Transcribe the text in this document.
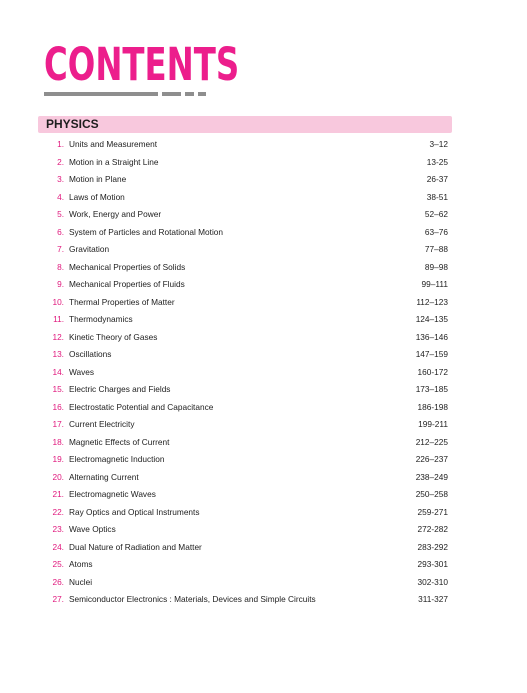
CONTENTS
PHYSICS
1. Units and Measurement	3–12
2. Motion in a Straight Line	13-25
3. Motion in Plane	26-37
4. Laws of Motion	38-51
5. Work, Energy and Power	52–62
6. System of Particles and Rotational Motion	63–76
7. Gravitation	77–88
8. Mechanical Properties of Solids	89–98
9. Mechanical Properties of Fluids	99–111
10. Thermal Properties of Matter	112–123
11. Thermodynamics	124–135
12. Kinetic Theory of Gases	136–146
13. Oscillations	147–159
14. Waves	160-172
15. Electric Charges and Fields	173–185
16. Electrostatic Potential and Capacitance	186-198
17. Current Electricity	199-211
18. Magnetic Effects of Current	212–225
19. Electromagnetic Induction	226–237
20. Alternating Current	238–249
21. Electromagnetic Waves	250–258
22. Ray Optics and Optical Instruments	259-271
23. Wave Optics	272-282
24. Dual Nature of Radiation and Matter	283-292
25. Atoms	293-301
26. Nuclei	302-310
27. Semiconductor Electronics : Materials, Devices and Simple Circuits	311-327
